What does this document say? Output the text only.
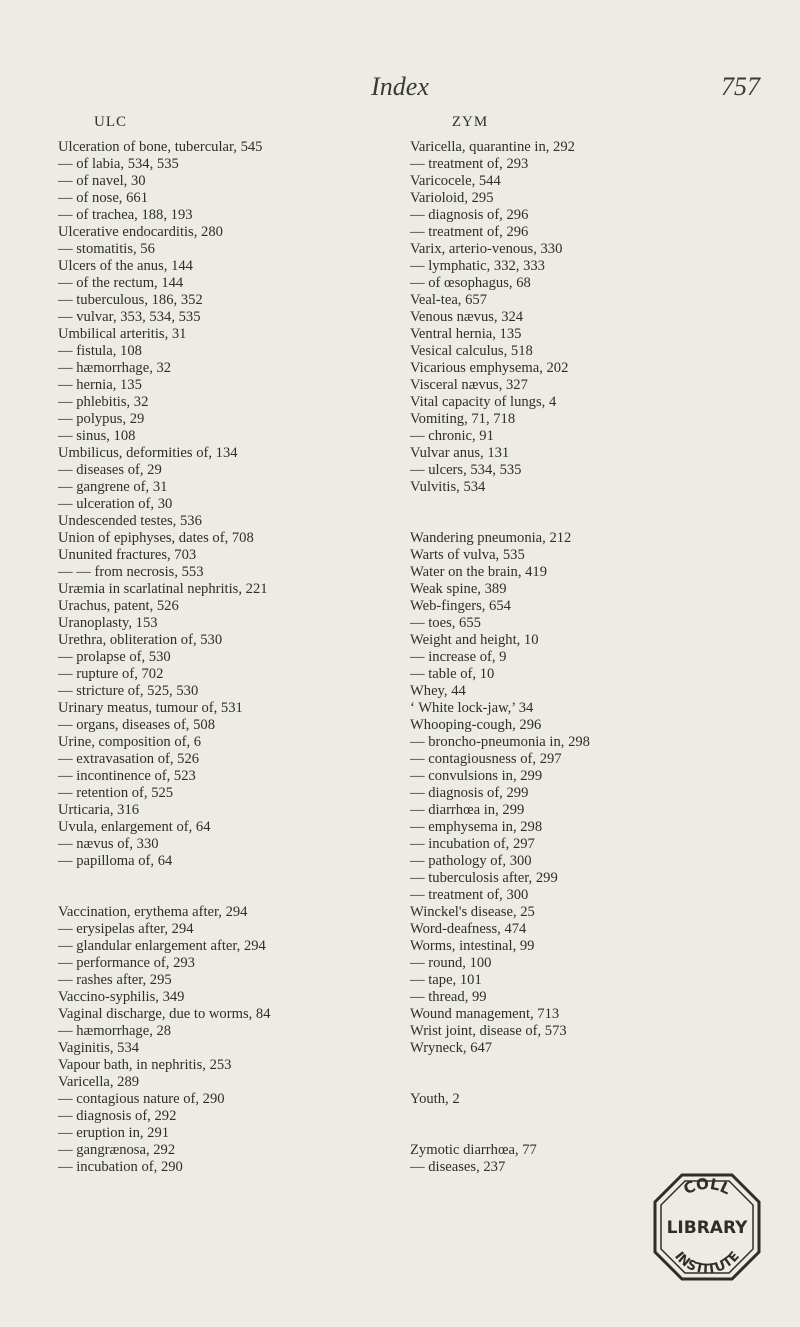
Index	757
ULC
Ulceration of bone, tubercular, 545
— of labia, 534, 535
— of navel, 30
— of nose, 661
— of trachea, 188, 193
Ulcerative endocarditis, 280
— stomatitis, 56
Ulcers of the anus, 144
— of the rectum, 144
— tuberculous, 186, 352
— vulvar, 353, 534, 535
Umbilical arteritis, 31
— fistula, 108
— hæmorrhage, 32
— hernia, 135
— phlebitis, 32
— polypus, 29
— sinus, 108
Umbilicus, deformities of, 134
— diseases of, 29
— gangrene of, 31
— ulceration of, 30
Undescended testes, 536
Union of epiphyses, dates of, 708
Ununited fractures, 703
— — from necrosis, 553
Uræmia in scarlatinal nephritis, 221
Urachus, patent, 526
Uranoplasty, 153
Urethra, obliteration of, 530
— prolapse of, 530
— rupture of, 702
— stricture of, 525, 530
Urinary meatus, tumour of, 531
— organs, diseases of, 508
Urine, composition of, 6
— extravasation of, 526
— incontinence of, 523
— retention of, 525
Urticaria, 316
Uvula, enlargement of, 64
— nævus of, 330
— papilloma of, 64
Vaccination, erythema after, 294
— erysipelas after, 294
— glandular enlargement after, 294
— performance of, 293
— rashes after, 295
Vaccino-syphilis, 349
Vaginal discharge, due to worms, 84
— hæmorrhage, 28
Vaginitis, 534
Vapour bath, in nephritis, 253
Varicella, 289
— contagious nature of, 290
— diagnosis of, 292
— eruption in, 291
— gangrænosa, 292
— incubation of, 290
ZYM
Varicella, quarantine in, 292
— treatment of, 293
Varicocele, 544
Varioloid, 295
— diagnosis of, 296
— treatment of, 296
Varix, arterio-venous, 330
— lymphatic, 332, 333
— of œsophagus, 68
Veal-tea, 657
Venous nævus, 324
Ventral hernia, 135
Vesical calculus, 518
Vicarious emphysema, 202
Visceral nævus, 327
Vital capacity of lungs, 4
Vomiting, 71, 718
— chronic, 91
Vulvar anus, 131
— ulcers, 534, 535
Vulvitis, 534
Wandering pneumonia, 212
Warts of vulva, 535
Water on the brain, 419
Weak spine, 389
Web-fingers, 654
— toes, 655
Weight and height, 10
— increase of, 9
— table of, 10
Whey, 44
‘ White lock-jaw,’ 34
Whooping-cough, 296
— broncho-pneumonia in, 298
— contagiousness of, 297
— convulsions in, 299
— diagnosis of, 299
— diarrhœa in, 299
— emphysema in, 298
— incubation of, 297
— pathology of, 300
— tuberculosis after, 299
— treatment of, 300
Winckel's disease, 25
Word-deafness, 474
Worms, intestinal, 99
— round, 100
— tape, 101
— thread, 99
Wound management, 713
Wrist joint, disease of, 573
Wryneck, 647
Youth, 2
Zymotic diarrhœa, 77
— diseases, 237
COLL
LIBRARY
INSTITUTE
